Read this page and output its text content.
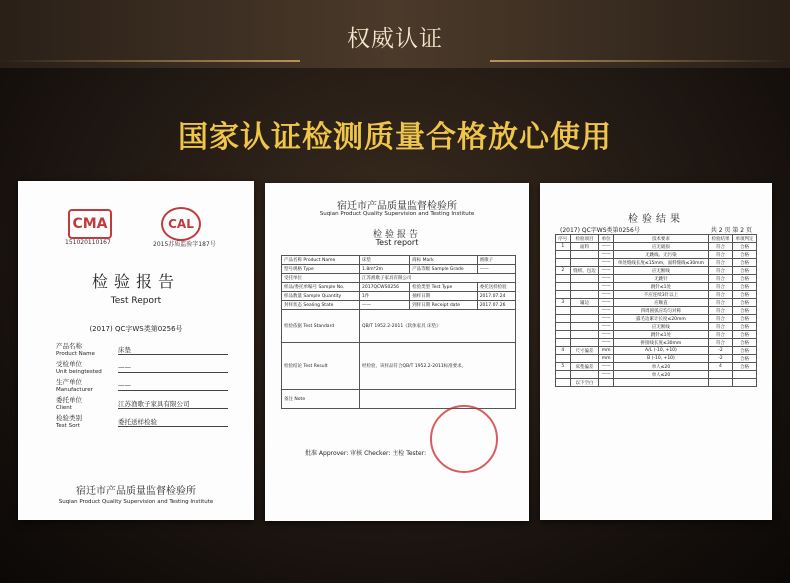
权威认证
国家认证检测质量合格放心使用
CMA
151020110167
CAL
2015苏质监验字187号
检验报告
Test Report
(2017) QC字WS类第0256号
产品名称
Product Name	床垫
受检单位
Unit beingtested
——
生产单位
Manufacturer
——
委托单位
Client	江苏渔歌子家具有限公司
检验类别
Test Sort	委托送样检验
宿迁市产品质量监督检验所
Suqian Product Quality Supervision and Testing Institute
宿迁市产品质量监督检验所
Suqian Product Quality Supervision and Testing Institute
检验报告
Test report
产品名称 Product Name	床垫	商标 Mark	渔歌子
型号规格 Type	1.8m*2m	产品等级 Sample Grade	——
受托单位	江苏渔歌子家具有限公司		
样品/委托单编号 Sample No.	2017QCWS0256	检验类型 Test Type	委托送样检验
样品数量 Sample Quantity	1件	抽样日期	2017.07.24
封样状态 Sealing State	——	到样日期 Receipt date	2017.07.26
检验依据 Test Standard	QB/T 1952.2-2011《软体家具 床垫》		
检验结论 Test Result	经检验，该样品符合QB/T 1952.2-2011标准要求。		
备注 Note			
批准 Approver: 审核 Checker: 主检 Tester:
检验结果
共 2 页 第 2 页
(2017) QC字WS类第0256号
序号	检验项目	单位	技术要求	检验结果	单项判定
1	面料	——	应无破损	符合	合格
		——	无跳线、无污染	符合	合格
		——	单处缝线长度≤15mm，面料缝线≤30mm	符合	合格
2	缝纫、包边	——	应无断线	符合	合格
		——	无跳针	符合	合格
		——	跳针≤1处	符合	合格
		——	不应连续3针以上	符合	合格
3	辅边	——	应顺直	符合	合格
		——	四周圆弧应均匀对称	符合	合格
		——	露毛边累计长度≤20mm	符合	合格
		——	应无断线	符合	合格
		——	跳针≤1处	符合	合格
		——	拼接线长度≤30mm	符合	合格
4	尺寸偏差	mm	A/L (-10, +10)	-2	合格
		mm	B (-10, +10)	-2	合格
5	床垫偏差	——	单人≤20	4	合格
		——	单人≤20		
	以下空白				
